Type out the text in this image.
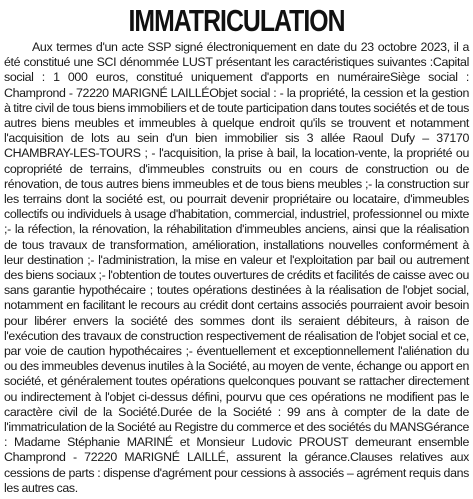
IMMATRICULATION

Aux termes d'un acte SSP signé électroniquement en date du 23 octobre 2023, il a été constitué une SCI dénommée LUST présentant les caractéristiques suivantes :Capital social : 1 000 euros, constitué uniquement d'apports en numéraireSiège social : Champrond - 72220 MARIGNÉ LAILLÉObjet social : - la propriété, la cession et la gestion à titre civil de tous biens immobiliers et de toute participation dans toutes sociétés et de tous autres biens meubles et immeubles à quelque endroit qu'ils se trouvent et notamment l'acquisition de lots au sein d'un bien immobilier sis 3 allée Raoul Dufy – 37170 CHAMBRAY-LES-TOURS ; - l'acquisition, la prise à bail, la location-vente, la propriété ou copropriété de terrains, d'immeubles construits ou en cours de construction ou de rénovation, de tous autres biens immeubles et de tous biens meubles ;- la construction sur les terrains dont la société est, ou pourrait devenir propriétaire ou locataire, d'immeubles collectifs ou individuels à usage d'habitation, commercial, industriel, professionnel ou mixte ;- la réfection, la rénovation, la réhabilitation d'immeubles anciens, ainsi que la réalisation de tous travaux de transformation, amélioration, installations nouvelles conformément à leur destination ;- l'administration, la mise en valeur et l'exploitation par bail ou autrement des biens sociaux ;- l'obtention de toutes ouvertures de crédits et facilités de caisse avec ou sans garantie hypothécaire ; toutes opérations destinées à la réalisation de l'objet social, notamment en facilitant le recours au crédit dont certains associés pourraient avoir besoin pour libérer envers la société des sommes dont ils seraient débiteurs, à raison de l'exécution des travaux de construction respectivement de réalisation de l'objet social et ce, par voie de caution hypothécaires ;- éventuellement et exceptionnellement l'aliénation du ou des immeubles devenus inutiles à la Société, au moyen de vente, échange ou apport en société, et généralement toutes opérations quelconques pouvant se rattacher directement ou indirectement à l'objet ci-dessus défini, pourvu que ces opérations ne modifient pas le caractère civil de la Société.Durée de la Société : 99 ans à compter de la date de l'immatriculation de la Société au Registre du commerce et des sociétés du MANSGérance : Madame Stéphanie MARINÉ et Monsieur Ludovic PROUST demeurant ensemble Champrond - 72220 MARIGNÉ LAILLÉ, assurent la gérance.Clauses relatives aux cessions de parts : dispense d'agrément pour cessions à associés – agrément requis dans les autres cas.
